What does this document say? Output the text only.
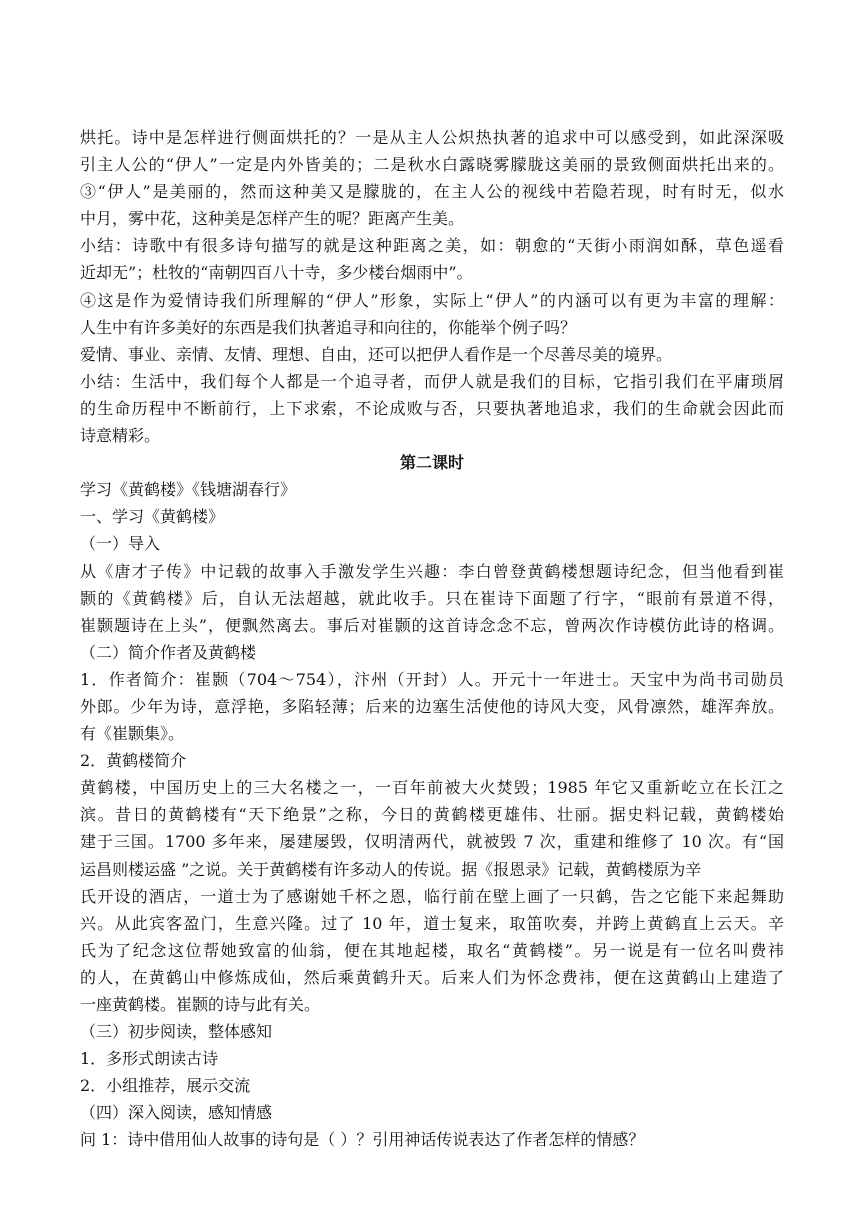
烘托。诗中是怎样进行侧面烘托的？一是从主人公炽热执著的追求中可以感受到，如此深深吸
引主人公的“伊人”一定是内外皆美的；二是秋水白露晓雾朦胧这美丽的景致侧面烘托出来的。
③“伊人”是美丽的，然而这种美又是朦胧的，在主人公的视线中若隐若现，时有时无，似水
中月，雾中花，这种美是怎样产生的呢？距离产生美。
小结：诗歌中有很多诗句描写的就是这种距离之美，如：朝愈的“天街小雨润如酥，草色遥看
近却无”；杜牧的“南朝四百八十寺，多少楼台烟雨中”。
④这是作为爱情诗我们所理解的“伊人”形象，实际上“伊人”的内涵可以有更为丰富的理解：
人生中有许多美好的东西是我们执著追寻和向往的，你能举个例子吗？
爱情、事业、亲情、友情、理想、自由，还可以把伊人看作是一个尽善尽美的境界。
小结：生活中，我们每个人都是一个追寻者，而伊人就是我们的目标，它指引我们在平庸琐屑
的生命历程中不断前行，上下求索，不论成败与否，只要执著地追求，我们的生命就会因此而
诗意精彩。
第二课时
学习《黄鹤楼》《钱塘湖春行》
一、学习《黄鹤楼》
（一）导入
从《唐才子传》中记载的故事入手激发学生兴趣：李白曾登黄鹤楼想题诗纪念，但当他看到崔
颢的《黄鹤楼》后，自认无法超越，就此收手。只在崔诗下面题了行字，“眼前有景道不得，
崔颢题诗在上头”，便飘然离去。事后对崔颢的这首诗念念不忘，曾两次作诗模仿此诗的格调。
（二）简介作者及黄鹤楼
1．作者简介：崔颢（704～754），汴州（开封）人。开元十一年进士。天宝中为尚书司勋员
外郎。少年为诗，意浮艳，多陷轻薄；后来的边塞生活使他的诗风大变，风骨凛然，雄浑奔放。
有《崔颢集》。
2．黄鹤楼简介
黄鹤楼，中国历史上的三大名楼之一，一百年前被大火焚毁；1985 年它又重新屹立在长江之
滨。昔日的黄鹤楼有“天下绝景”之称，今日的黄鹤楼更雄伟、壮丽。据史料记载，黄鹤楼始
建于三国。1700 多年来，屡建屡毁，仅明清两代，就被毁 7 次，重建和维修了 10 次。有“国
运昌则楼运盛 ”之说。关于黄鹤楼有许多动人的传说。据《报恩录》记载，黄鹤楼原为辛
氏开设的酒店，一道士为了感谢她千杯之恩，临行前在壁上画了一只鹤，告之它能下来起舞助
兴。从此宾客盈门，生意兴隆。过了 10 年，道士复来，取笛吹奏，并跨上黄鹤直上云天。辛
氏为了纪念这位帮她致富的仙翁，便在其地起楼，取名“黄鹤楼”。另一说是有一位名叫费祎
的人，在黄鹤山中修炼成仙，然后乘黄鹤升天。后来人们为怀念费祎，便在这黄鹤山上建造了
一座黄鹤楼。崔颢的诗与此有关。
（三）初步阅读，整体感知
1．多形式朗读古诗
2．小组推荐，展示交流
（四）深入阅读，感知情感
问 1：诗中借用仙人故事的诗句是（ ）？引用神话传说表达了作者怎样的情感？
